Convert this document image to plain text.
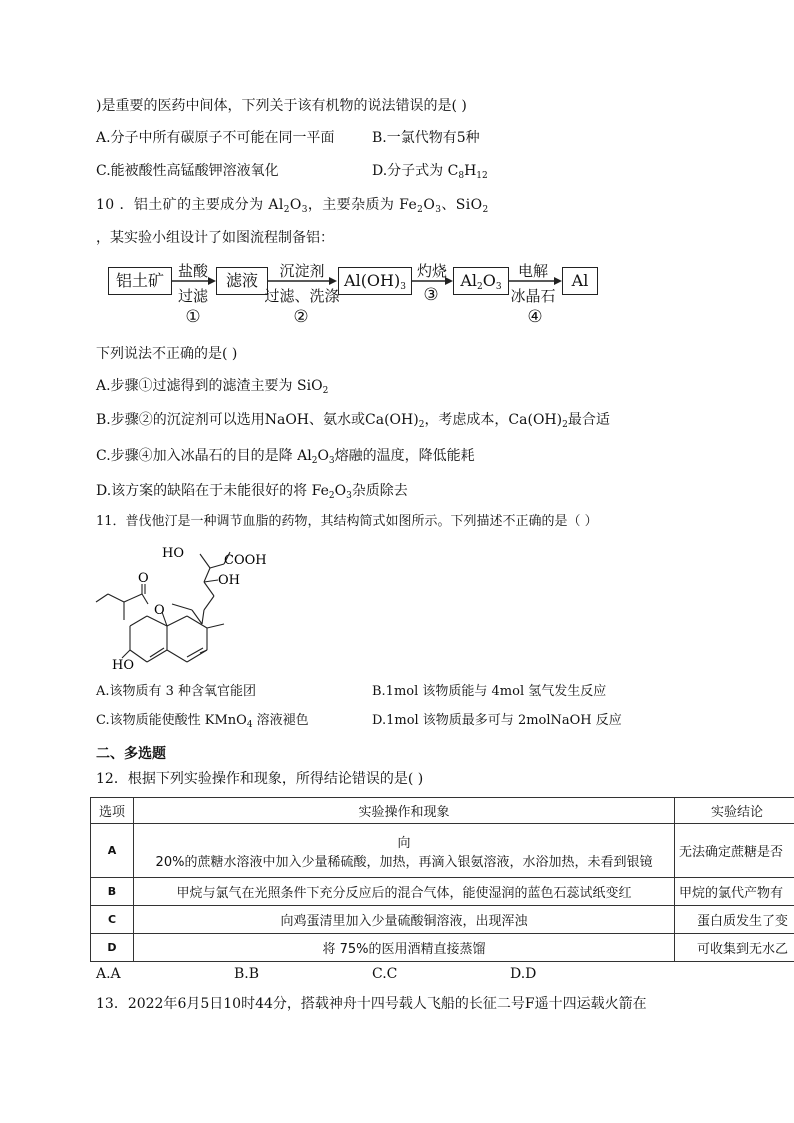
)是重要的医药中间体，下列关于该有机物的说法错误的是( )
A.分子中所有碳原子不可能在同一平面	B.一氯代物有5种
C.能被酸性高锰酸钾溶液氧化	D.分子式为 $C_8H_{12}$
10 ．铝土矿的主要成分为 $Al_2O_3$，主要杂质为 $Fe_2O_3$、SiO$_2$
，某实验小组设计了如图流程制备铝：
铝土矿	滤液	$Al(OH)_3$	$Al_2O_3$	Al
盐酸
过滤
①
沉淀剂
过滤、洗涤
②
灼烧
③
电解
冰晶石
④
下列说法不正确的是( )
A.步骤①过滤得到的滤渣主要为 SiO$_2$
B.步骤②的沉淀剂可以选用NaOH、氨水或$Ca(OH)_2$，考虑成本，$Ca(OH)_2$最合适
C.步骤④加入冰晶石的目的是降 $Al_2O_3$熔融的温度，降低能耗
D.该方案的缺陷在于未能很好的将 $Fe_2O_3$杂质除去
11．普伐他汀是一种调节血脂的药物，其结构简式如图所示。下列描述不正确的是（ ）
HO	COOH
OH
O
O
HO
A.该物质有 3 种含氧官能团	B.1mol 该物质能与 4mol 氢气发生反应
C.该物质能使酸性 KMnO$_4$ 溶液褪色	D.1mol 该物质最多可与 2molNaOH 反应
二、多选题
12．根据下列实验操作和现象，所得结论错误的是( )
选项	实验操作和现象	实验结论
A	向
20%的蔗糖水溶液中加入少量稀硫酸，加热，再滴入银氨溶液，水浴加热，未看到银镜	无法确定蔗糖是否
B	甲烷与氯气在光照条件下充分反应后的混合气体，能使湿润的蓝色石蕊试纸变红	甲烷的氯代产物有
C	向鸡蛋清里加入少量硫酸铜溶液，出现浑浊	蛋白质发生了变
D	将 75%的医用酒精直接蒸馏	可收集到无水乙
A.A	B.B	C.C	D.D
13．2022年6月5日10时44分，搭载神舟十四号载人飞船的长征二号F遥十四运载火箭在
